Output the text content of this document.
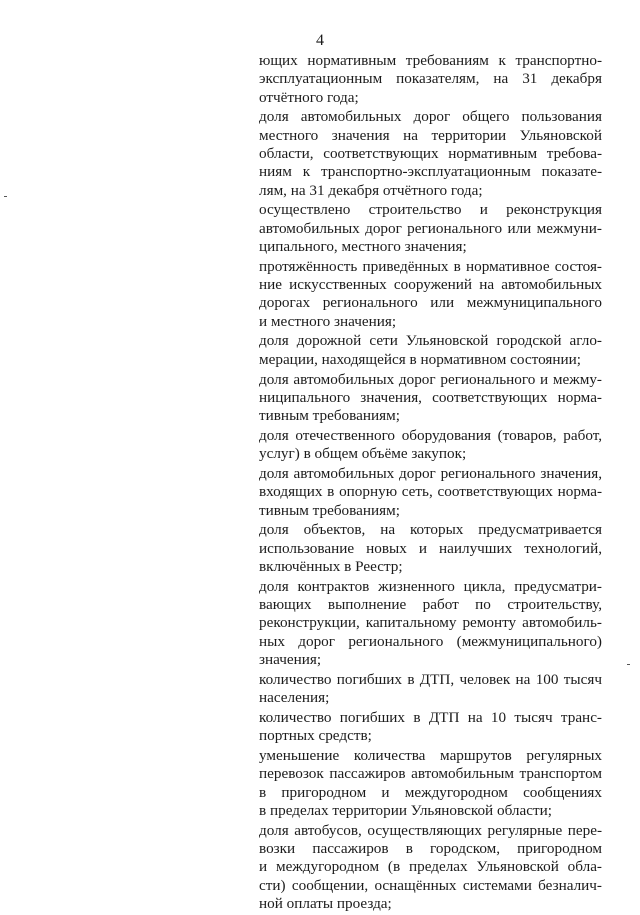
4
ющих нормативным требованиям к транспортно-
эксплуатационным показателям, на 31 декабря
отчётного года;
доля автомобильных дорог общего пользования
местного значения на территории Ульяновской
области, соответствующих нормативным требова-
ниям к транспортно-эксплуатационным показате-
лям, на 31 декабря отчётного года;
осуществлено строительство и реконструкция
автомобильных дорог регионального или межмуни-
ципального, местного значения;
протяжённость приведённых в нормативное состоя-
ние искусственных сооружений на автомобильных
дорогах регионального или межмуниципального
и местного значения;
доля дорожной сети Ульяновской городской агло-
мерации, находящейся в нормативном состоянии;
доля автомобильных дорог регионального и межму-
ниципального значения, соответствующих норма-
тивным требованиям;
доля отечественного оборудования (товаров, работ,
услуг) в общем объёме закупок;
доля автомобильных дорог регионального значения,
входящих в опорную сеть, соответствующих норма-
тивным требованиям;
доля объектов, на которых предусматривается
использование новых и наилучших технологий,
включённых в Реестр;
доля контрактов жизненного цикла, предусматри-
вающих выполнение работ по строительству,
реконструкции, капитальному ремонту автомобиль-
ных дорог регионального (межмуниципального)
значения;
количество погибших в ДТП, человек на 100 тысяч
населения;
количество погибших в ДТП на 10 тысяч транс-
портных средств;
уменьшение количества маршрутов регулярных
перевозок пассажиров автомобильным транспортом
в пригородном и междугородном сообщениях
в пределах территории Ульяновской области;
доля автобусов, осуществляющих регулярные пере-
возки пассажиров в городском, пригородном
и междугородном (в пределах Ульяновской обла-
сти) сообщении, оснащённых системами безналич-
ной оплаты проезда;
